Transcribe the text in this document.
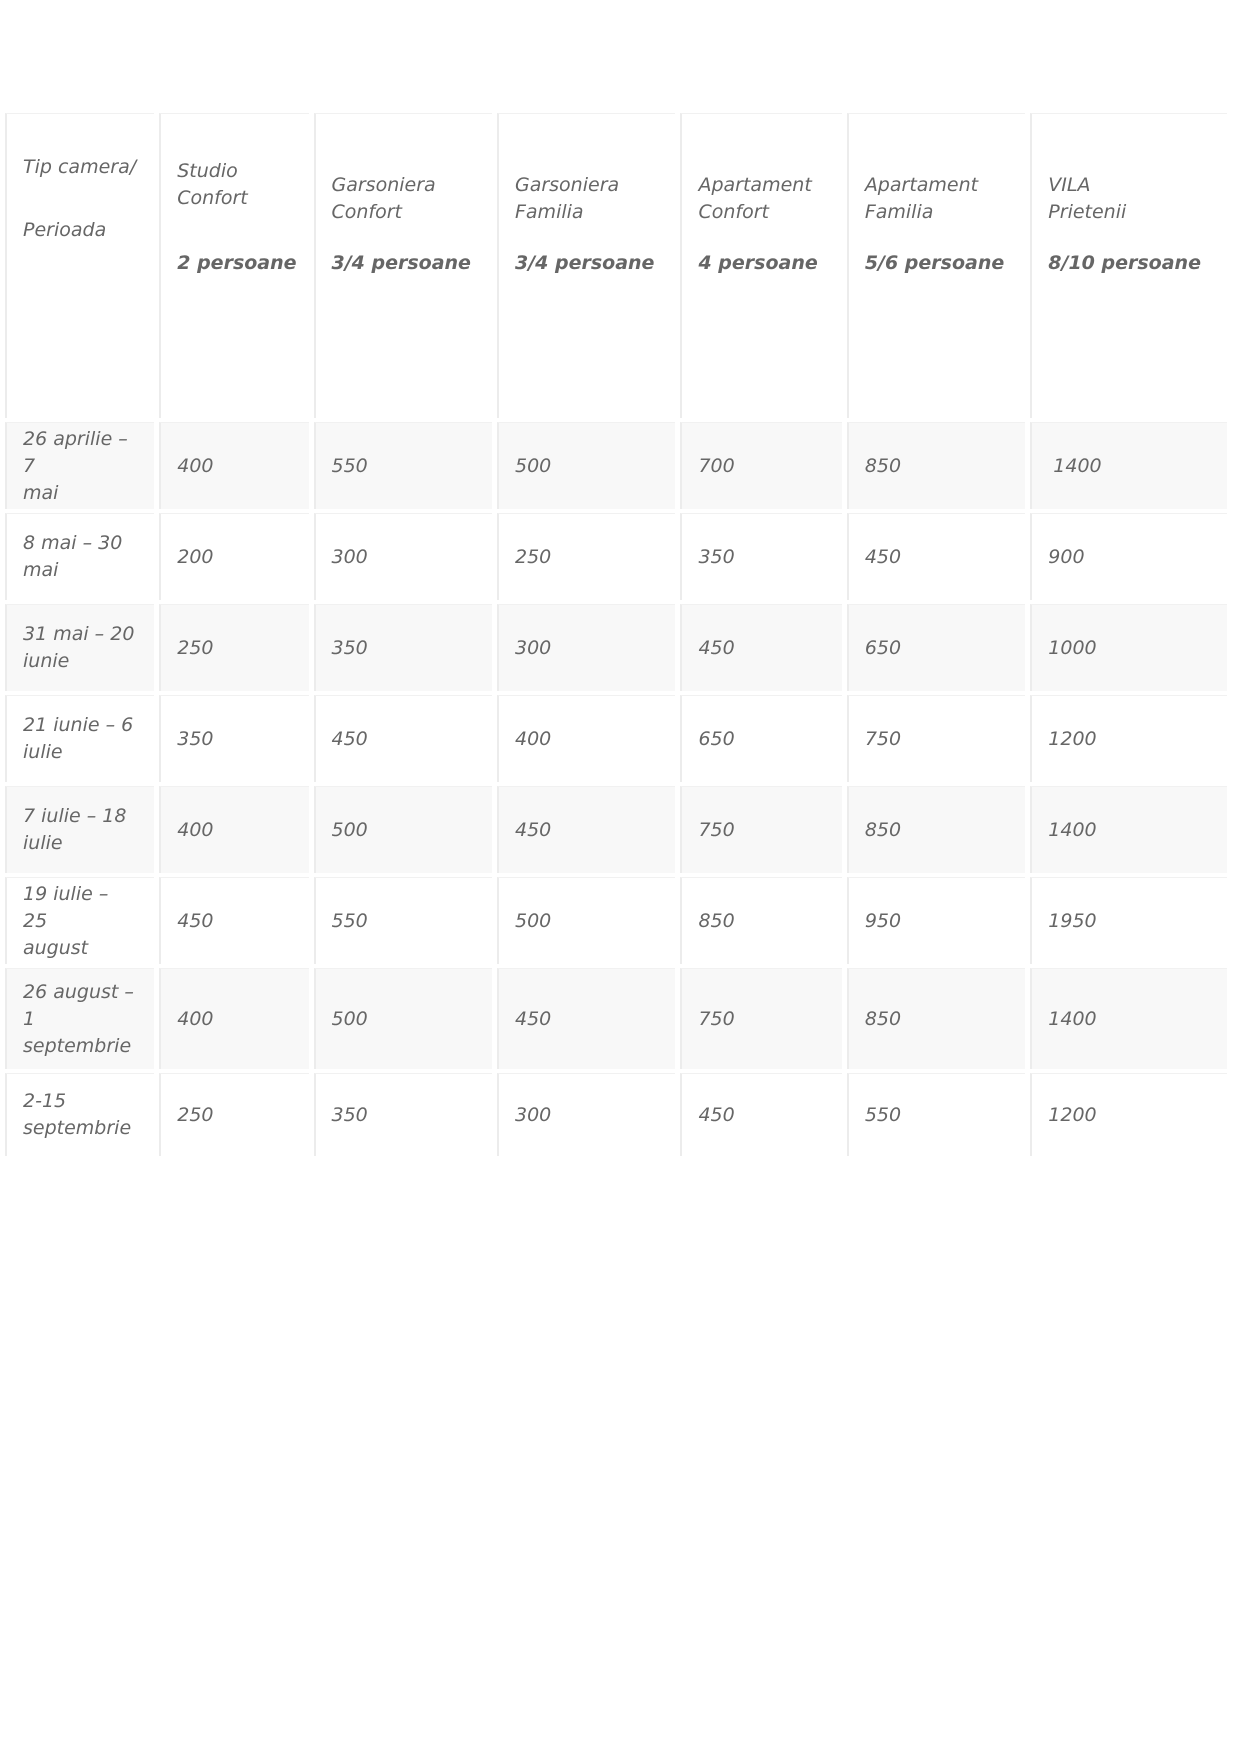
Tip camera/
Perioada	Studio
Confort
2 persoane	Garsoniera
Confort
3/4 persoane	Garsoniera
Familia
3/4 persoane	Apartament
Confort
4 persoane	Apartament
Familia
5/6 persoane	VILA
Prietenii
8/10 persoane

26 aprilie – 7
mai	400	550	500	700	850	1400

8 mai – 30
mai	200	300	250	350	450	900

31 mai – 20
iunie	250	350	300	450	650	1000

21 iunie – 6
iulie	350	450	400	650	750	1200

7 iulie – 18
iulie	400	500	450	750	850	1400

19 iulie – 25
august	450	550	500	850	950	1950

26 august –
1 septembrie	400	500	450	750	850	1400

2-15
septembrie	250	350	300	450	550	1200
